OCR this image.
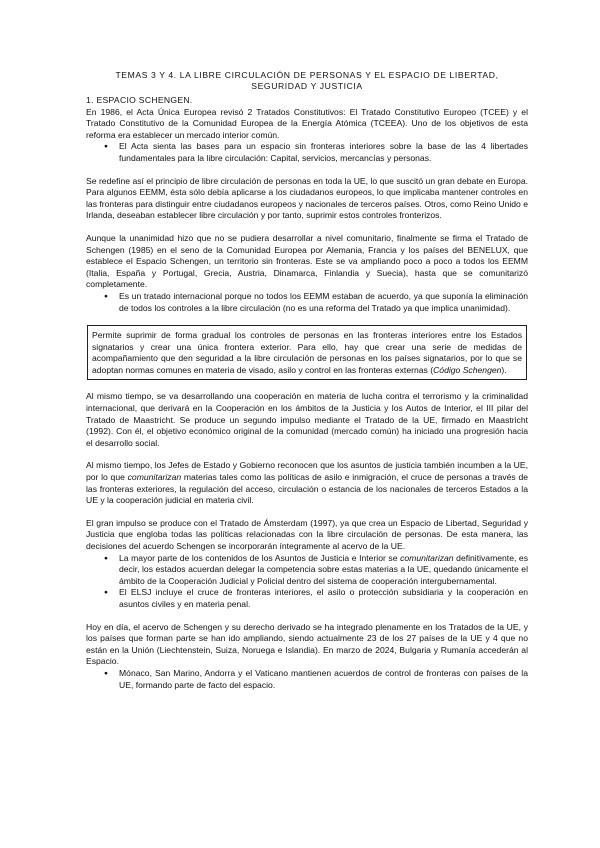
TEMAS 3 Y 4. LA LIBRE CIRCULACIÓN DE PERSONAS Y EL ESPACIO DE LIBERTAD, SEGURIDAD Y JUSTICIA
1. ESPACIO SCHENGEN.

En 1986, el Acta Única Europea revisó 2 Tratados Constitutivos: El Tratado Constitutivo Europeo (TCEE) y el Tratado Constitutivo de la Comunidad Europea de la Energía Atómica (TCEEA). Uno de los objetivos de esta reforma era establecer un mercado interior común.

● El Acta sienta las bases para un espacio sin fronteras interiores sobre la base de las 4 libertades fundamentales para la libre circulación: Capital, servicios, mercancías y personas.

Se redefine así el principio de libre circulación de personas en toda la UE, lo que suscitó un gran debate en Europa. Para algunos EEMM, ésta sólo debía aplicarse a los ciudadanos europeos, lo que implicaba mantener controles en las fronteras para distinguir entre ciudadanos europeos y nacionales de terceros países. Otros, como Reino Unido e Irlanda, deseaban establecer libre circulación y por tanto, suprimir estos controles fronterizos.

Aunque la unanimidad hizo que no se pudiera desarrollar a nivel comunitario, finalmente se firma el Tratado de Schengen (1985) en el seno de la Comunidad Europea por Alemania, Francia y los países del BENELUX, que establece el Espacio Schengen, un territorio sin fronteras. Este se va ampliando poco a poco a todos los EEMM (Italia, España y Portugal, Grecia, Austria, Dinamarca, Finlandia y Suecia), hasta que se comunitarizó completamente.

● Es un tratado internacional porque no todos los EEMM estaban de acuerdo, ya que suponía la eliminación de todos los controles a la libre circulación (no es una reforma del Tratado ya que implica unanimidad).

Permite suprimir de forma gradual los controles de personas en las fronteras interiores entre los Estados signatarios y crear una única frontera exterior. Para ello, hay que crear una serie de medidas de acompañamiento que den seguridad a la libre circulación de personas en los países signatarios, por lo que se adoptan normas comunes en materia de visado, asilo y control en las fronteras externas (Código Schengen).

Al mismo tiempo, se va desarrollando una cooperación en materia de lucha contra el terrorismo y la criminalidad internacional, que derivará en la Cooperación en los ámbitos de la Justicia y los Autos de Interior, el III pilar del Tratado de Maastricht. Se produce un segundo impulso mediante el Tratado de la UE, firmado en Maastricht (1992). Con él, el objetivo económico original de la comunidad (mercado común) ha iniciado una progresión hacia el desarrollo social.

Al mismo tiempo, los Jefes de Estado y Gobierno reconocen que los asuntos de justicia también incumben a la UE, por lo que comunitarizan materias tales como las políticas de asilo e inmigración, el cruce de personas a través de las fronteras exteriores, la regulación del acceso, circulación o estancia de los nacionales de terceros Estados a la UE y la cooperación judicial en materia civil.

El gran impulso se produce con el Tratado de Ámsterdam (1997), ya que crea un Espacio de Libertad, Seguridad y Justicia que engloba todas las políticas relacionadas con la libre circulación de personas. De esta manera, las decisiones del acuerdo Schengen se incorporarán íntegramente al acervo de la UE.

● La mayor parte de los contenidos de los Asuntos de Justicia e Interior se comunitarizan definitivamente, es decir, los estados acuerdan delegar la competencia sobre estas materias a la UE, quedando únicamente el ámbito de la Cooperación Judicial y Policial dentro del sistema de cooperación intergubernamental.
● El ELSJ incluye el cruce de fronteras interiores, el asilo o protección subsidiaria y la cooperación en asuntos civiles y en materia penal.

Hoy en día, el acervo de Schengen y su derecho derivado se ha integrado plenamente en los Tratados de la UE, y los países que forman parte se han ido ampliando, siendo actualmente 23 de los 27 países de la UE y 4 que no están en la Unión (Liechtenstein, Suiza, Noruega e Islandia). En marzo de 2024, Bulgaria y Rumanía accederán al Espacio.

● Mónaco, San Marino, Andorra y el Vaticano mantienen acuerdos de control de fronteras con países de la UE, formando parte de facto del espacio.
